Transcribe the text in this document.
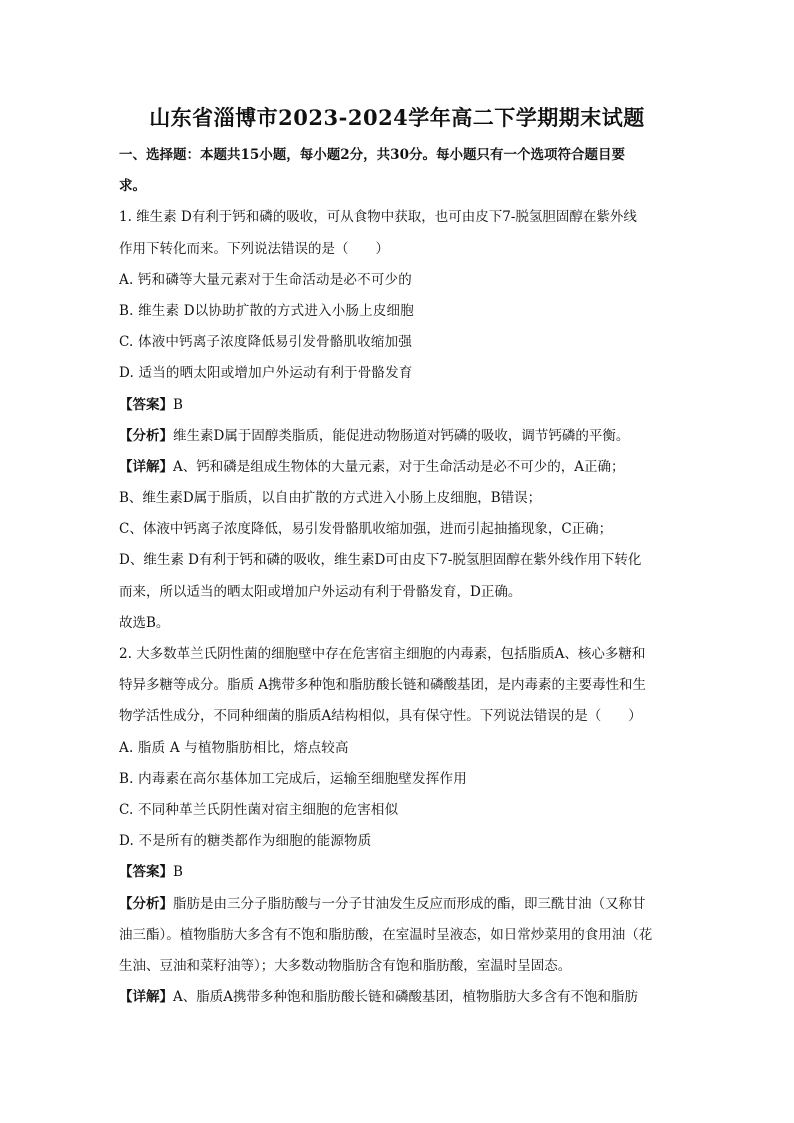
山东省淄博市2023-2024学年高二下学期期末试题
一、选择题：本题共15小题，每小题2分，共30分。每小题只有一个选项符合题目要
求。
1. 维生素 D有利于钙和磷的吸收，可从食物中获取，也可由皮下7-脱氢胆固醇在紫外线
作用下转化而来。下列说法错误的是（　　）
A. 钙和磷等大量元素对于生命活动是必不可少的
B. 维生素 D以协助扩散的方式进入小肠上皮细胞
C. 体液中钙离子浓度降低易引发骨骼肌收缩加强
D. 适当的晒太阳或增加户外运动有利于骨骼发育
【答案】B
【分析】维生素D属于固醇类脂质，能促进动物肠道对钙磷的吸收，调节钙磷的平衡。
【详解】A、钙和磷是组成生物体的大量元素，对于生命活动是必不可少的，A正确；
B、维生素D属于脂质，以自由扩散的方式进入小肠上皮细胞，B错误；
C、体液中钙离子浓度降低，易引发骨骼肌收缩加强，进而引起抽搐现象，C正确；
D、维生素 D有利于钙和磷的吸收，维生素D可由皮下7-脱氢胆固醇在紫外线作用下转化
而来，所以适当的晒太阳或增加户外运动有利于骨骼发育，D正确。
故选B。
2. 大多数革兰氏阴性菌的细胞壁中存在危害宿主细胞的内毒素，包括脂质A、核心多糖和
特异多糖等成分。脂质 A携带多种饱和脂肪酸长链和磷酸基团，是内毒素的主要毒性和生
物学活性成分，不同种细菌的脂质A结构相似，具有保守性。下列说法错误的是（　　）
A. 脂质 A 与植物脂肪相比，熔点较高
B. 内毒素在高尔基体加工完成后，运输至细胞壁发挥作用
C. 不同种革兰氏阴性菌对宿主细胞的危害相似
D. 不是所有的糖类都作为细胞的能源物质
【答案】B
【分析】脂肪是由三分子脂肪酸与一分子甘油发生反应而形成的酯，即三酰甘油（又称甘
油三酯）。植物脂肪大多含有不饱和脂肪酸，在室温时呈液态，如日常炒菜用的食用油（花
生油、豆油和菜籽油等）；大多数动物脂肪含有饱和脂肪酸，室温时呈固态。
【详解】A、脂质A携带多种饱和脂肪酸长链和磷酸基团，植物脂肪大多含有不饱和脂肪
